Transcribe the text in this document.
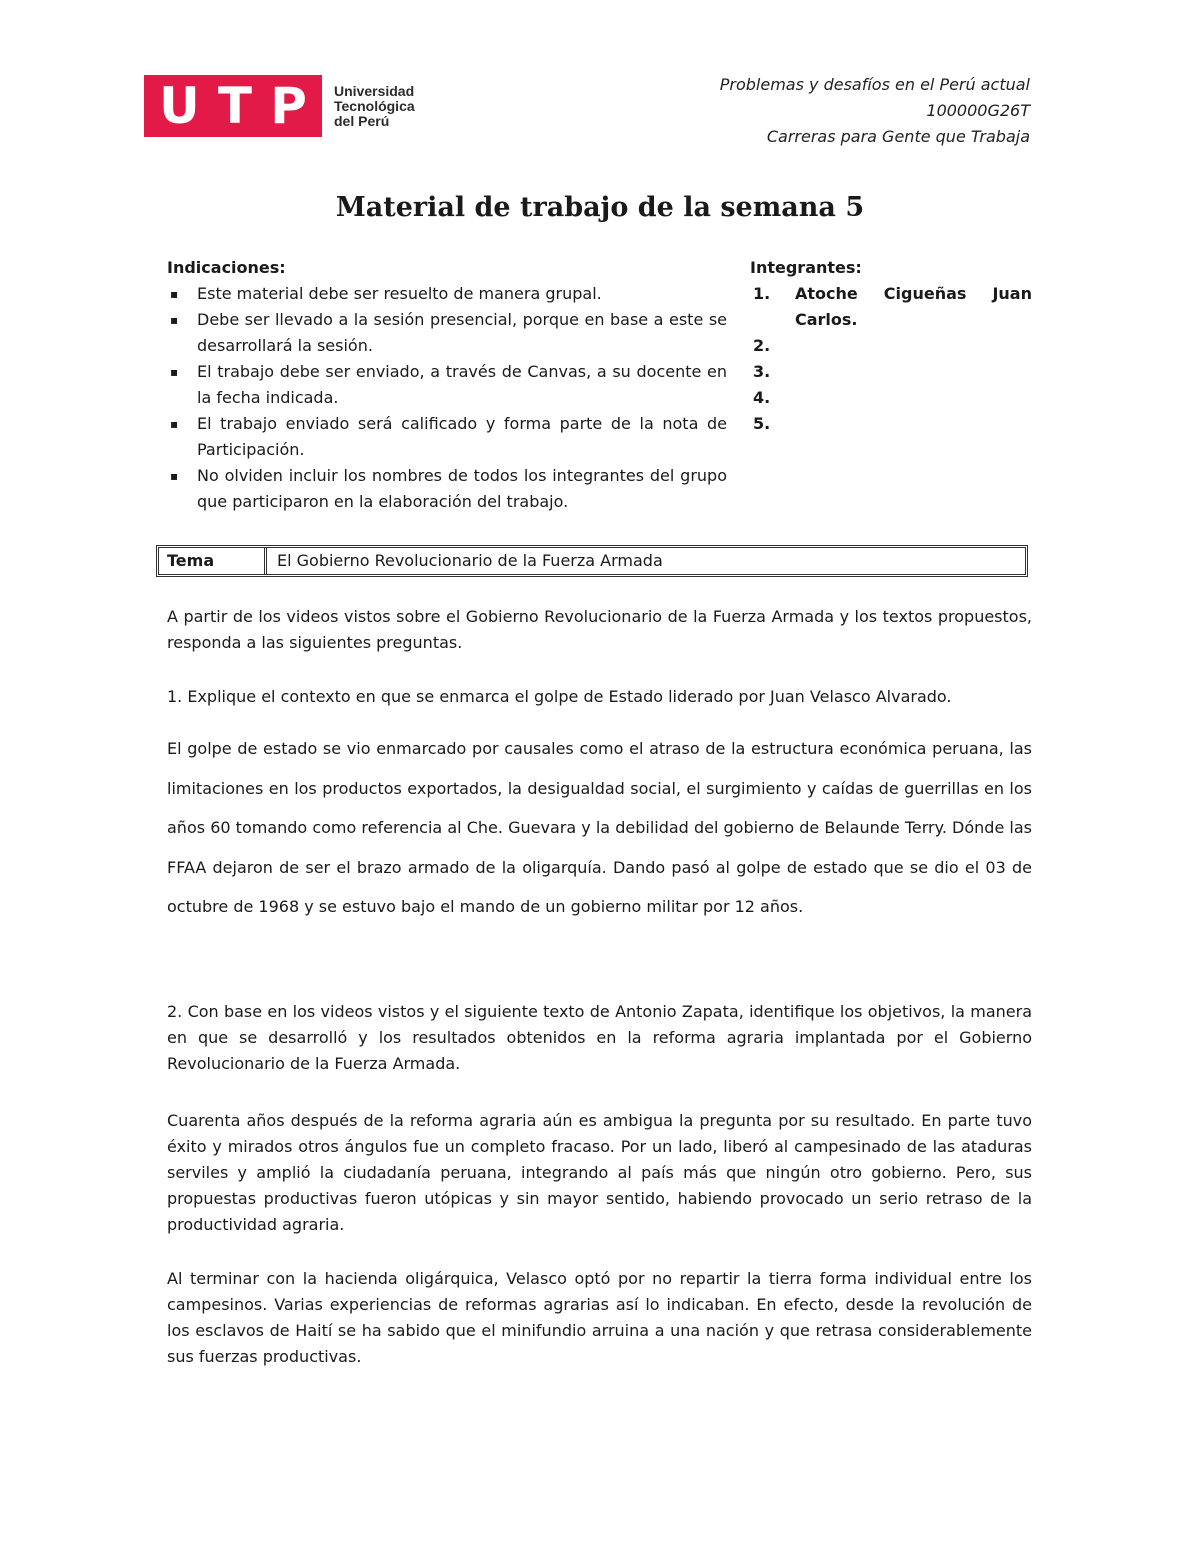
U T P Universidad
Tecnológica
del Perú
Problemas y desafíos en el Perú actual
100000G26T
Carreras para Gente que Trabaja
Material de trabajo de la semana 5
Indicaciones:
▪ Este material debe ser resuelto de manera grupal.
▪ Debe ser llevado a la sesión presencial, porque en base a este se desarrollará la sesión.
▪ El trabajo debe ser enviado, a través de Canvas, a su docente en la fecha indicada.
▪ El trabajo enviado será calificado y forma parte de la nota de Participación.
▪ No olviden incluir los nombres de todos los integrantes del grupo que participaron en la elaboración del trabajo.
Integrantes:
1. Atoche Cigueñas Juan Carlos.
2.
3.
4.
5.
Tema	El Gobierno Revolucionario de la Fuerza Armada
A partir de los videos vistos sobre el Gobierno Revolucionario de la Fuerza Armada y los textos propuestos, responda a las siguientes preguntas.
1. Explique el contexto en que se enmarca el golpe de Estado liderado por Juan Velasco Alvarado.
El golpe de estado se vio enmarcado por causales como el atraso de la estructura económica peruana, las limitaciones en los productos exportados, la desigualdad social, el surgimiento y caídas de guerrillas en los años 60 tomando como referencia al Che. Guevara y la debilidad del gobierno de Belaunde Terry. Dónde las FFAA dejaron de ser el brazo armado de la oligarquía. Dando pasó al golpe de estado que se dio el 03 de octubre de 1968 y se estuvo bajo el mando de un gobierno militar por 12 años.
2. Con base en los videos vistos y el siguiente texto de Antonio Zapata, identifique los objetivos, la manera en que se desarrolló y los resultados obtenidos en la reforma agraria implantada por el Gobierno Revolucionario de la Fuerza Armada.
Cuarenta años después de la reforma agraria aún es ambigua la pregunta por su resultado. En parte tuvo éxito y mirados otros ángulos fue un completo fracaso. Por un lado, liberó al campesinado de las ataduras serviles y amplió la ciudadanía peruana, integrando al país más que ningún otro gobierno. Pero, sus propuestas productivas fueron utópicas y sin mayor sentido, habiendo provocado un serio retraso de la productividad agraria.
Al terminar con la hacienda oligárquica, Velasco optó por no repartir la tierra forma individual entre los campesinos. Varias experiencias de reformas agrarias así lo indicaban. En efecto, desde la revolución de los esclavos de Haití se ha sabido que el minifundio arruina a una nación y que retrasa considerablemente sus fuerzas productivas.
